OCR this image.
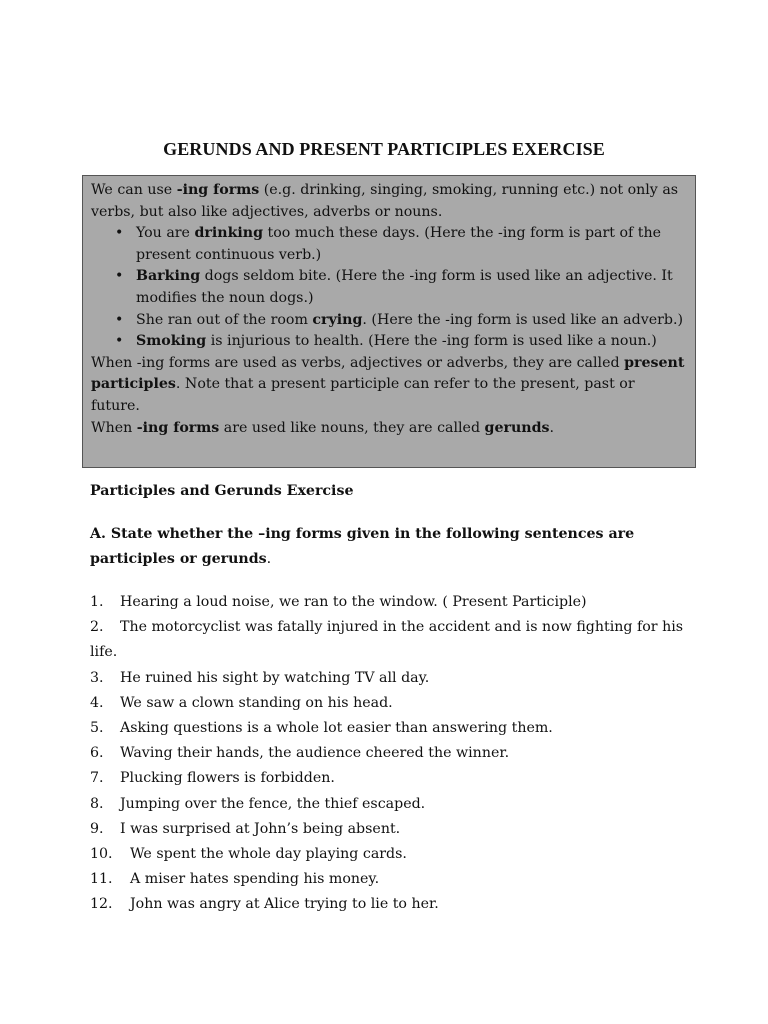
GERUNDS AND PRESENT PARTICIPLES EXERCISE

We can use -ing forms (e.g. drinking, singing, smoking, running etc.) not only as verbs, but also like adjectives, adverbs or nouns.

• You are drinking too much these days. (Here the -ing form is part of the present continuous verb.)
• Barking dogs seldom bite. (Here the -ing form is used like an adjective. It modifies the noun dogs.)
• She ran out of the room crying. (Here the -ing form is used like an adverb.)
• Smoking is injurious to health. (Here the -ing form is used like a noun.)

When -ing forms are used as verbs, adjectives or adverbs, they are called present participles. Note that a present participle can refer to the present, past or future.

When -ing forms are used like nouns, they are called gerunds.

Participles and Gerunds Exercise
A. State whether the –ing forms given in the following sentences are participles or gerunds.
1. Hearing a loud noise, we ran to the window. ( Present Participle)
2. The motorcyclist was fatally injured in the accident and is now fighting for his life.
3. He ruined his sight by watching TV all day.
4. We saw a clown standing on his head.
5. Asking questions is a whole lot easier than answering them.
6. Waving their hands, the audience cheered the winner.
7. Plucking flowers is forbidden.
8. Jumping over the fence, the thief escaped.
9. I was surprised at John’s being absent.
10. We spent the whole day playing cards.
11. A miser hates spending his money.
12. John was angry at Alice trying to lie to her.
